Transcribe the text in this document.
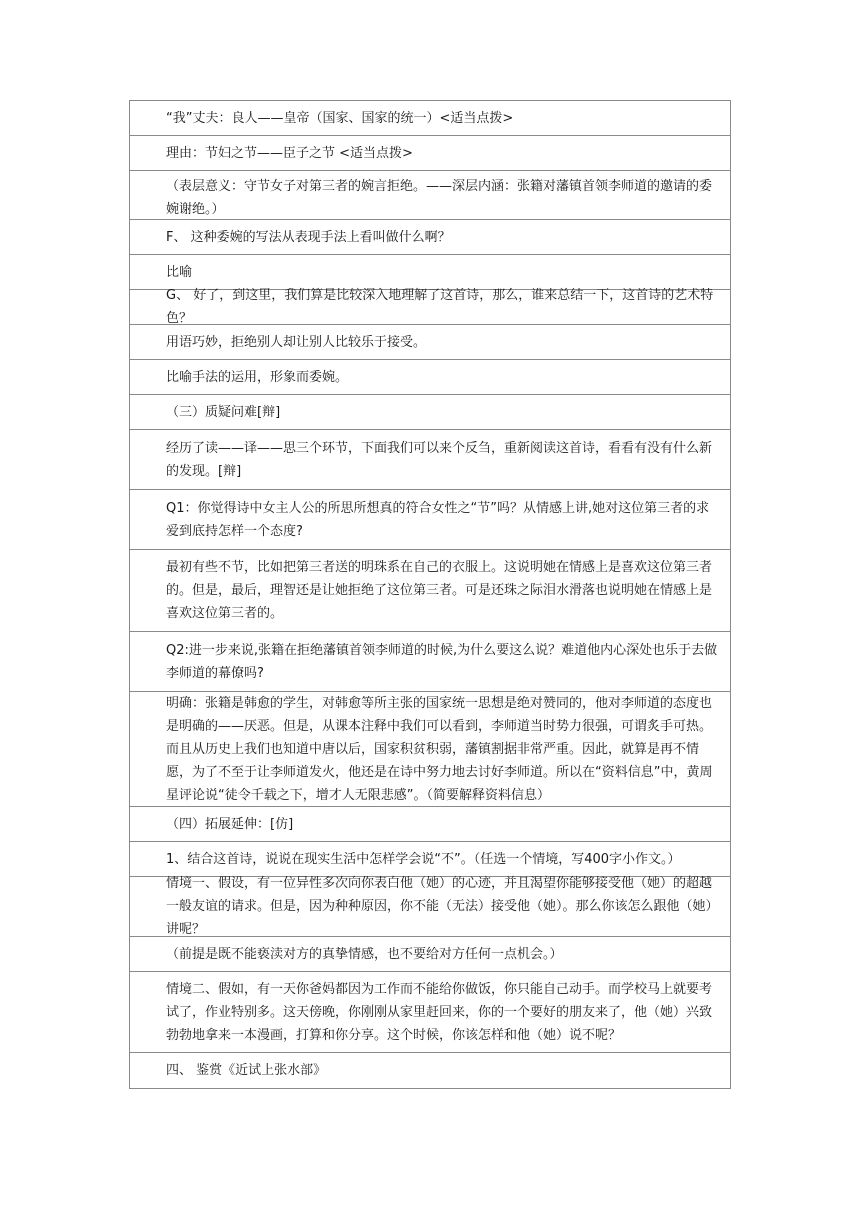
“我”丈夫：良人——皇帝（国家、国家的统一）<适当点拨>
理由：节妇之节——臣子之节 <适当点拨>
（表层意义：守节女子对第三者的婉言拒绝。——深层内涵：张籍对藩镇首领李师道的邀请的委婉谢绝。）
F、 这种委婉的写法从表现手法上看叫做什么啊？
比喻
G、 好了，到这里，我们算是比较深入地理解了这首诗，那么，谁来总结一下，这首诗的艺术特色？
用语巧妙，拒绝别人却让别人比较乐于接受。
比喻手法的运用，形象而委婉。
（三）质疑问难[辩]
经历了读——译——思三个环节，下面我们可以来个反刍，重新阅读这首诗，看看有没有什么新的发现。[辩]
Q1：你觉得诗中女主人公的所思所想真的符合女性之“节”吗？从情感上讲,她对这位第三者的求爱到底持怎样一个态度?
最初有些不节，比如把第三者送的明珠系在自己的衣服上。这说明她在情感上是喜欢这位第三者的。但是，最后，理智还是让她拒绝了这位第三者。可是还珠之际泪水滑落也说明她在情感上是喜欢这位第三者的。
Q2:进一步来说,张籍在拒绝藩镇首领李师道的时候,为什么要这么说？难道他内心深处也乐于去做李师道的幕僚吗?
明确：张籍是韩愈的学生，对韩愈等所主张的国家统一思想是绝对赞同的，他对李师道的态度也是明确的——厌恶。但是，从课本注释中我们可以看到，李师道当时势力很强，可谓炙手可热。而且从历史上我们也知道中唐以后，国家积贫积弱，藩镇割据非常严重。因此，就算是再不情愿，为了不至于让李师道发火，他还是在诗中努力地去讨好李师道。所以在“资料信息”中，黄周星评论说“徒令千载之下，增才人无限悲感”。（简要解释资料信息）
（四）拓展延伸：[仿]
1、结合这首诗，说说在现实生活中怎样学会说“不”。（任选一个情境，写400字小作文。）
情境一、假设，有一位异性多次向你表白他（她）的心迹，并且渴望你能够接受他（她）的超越一般友谊的请求。但是，因为种种原因，你不能（无法）接受他（她）。那么你该怎么跟他（她）讲呢？
（前提是既不能亵渎对方的真挚情感，也不要给对方任何一点机会。）
情境二、假如，有一天你爸妈都因为工作而不能给你做饭，你只能自己动手。而学校马上就要考试了，作业特别多。这天傍晚，你刚刚从家里赶回来，你的一个要好的朋友来了，他（她）兴致勃勃地拿来一本漫画，打算和你分享。这个时候，你该怎样和他（她）说不呢？
四、 鉴赏《近试上张水部》
